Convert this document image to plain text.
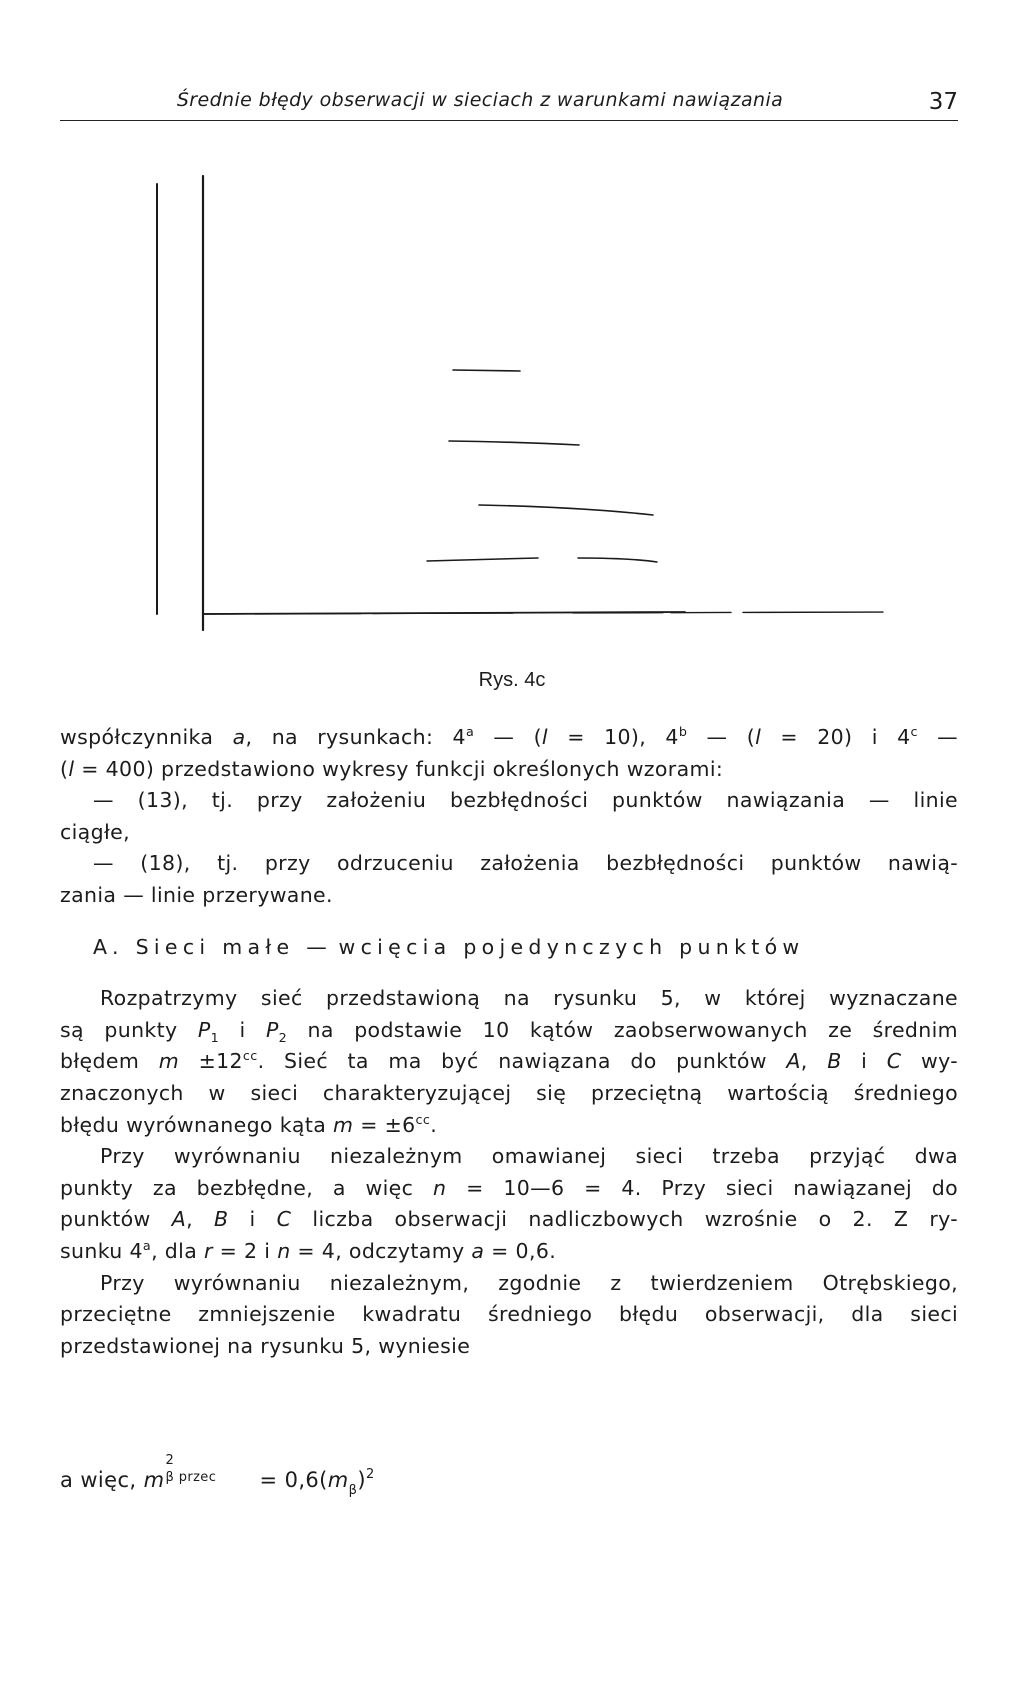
Średnie błędy obserwacji w sieciach z warunkami nawiązania	37
Rys. 4c

współczynnika a, na rysunkach: 4$^a$ — (l = 10), 4$^b$ — (l = 20) i 4$^c$ —

(l = 400) przedstawiono wykresy funkcji określonych wzorami:

— (13), tj. przy założeniu bezbłędności punktów nawiązania — linie

ciągłe,

— (18), tj. przy odrzuceniu założenia bezbłędności punktów nawią-

zania — linie przerywane.

A. Sieci małe — wcięcia pojedynczych punktów

Rozpatrzymy sieć przedstawioną na rysunku 5, w której wyznaczane

są punkty $P_1$ i $P_2$ na podstawie 10 kątów zaobserwowanych ze średnim

błędem $m \pm 12^{cc}$. Sieć ta ma być nawiązana do punktów A, B i C wy-

znaczonych w sieci charakteryzującej się przeciętną wartością średniego

błędu wyrównanego kąta $m = \pm 6^{cc}$.

Przy wyrównaniu niezależnym omawianej sieci trzeba przyjąć dwa

punkty za bezbłędne, a więc n = 10—6 = 4. Przy sieci nawiązanej do

punktów A, B i C liczba obserwacji nadliczbowych wzrośnie o 2. Z ry-

sunku 4$^a$, dla r = 2 i n = 4, odczytamy a = 0,6.

Przy wyrównaniu niezależnym, zgodnie z twierdzeniem Otrębskiego,

przeciętne zmniejszenie kwadratu średniego błędu obserwacji, dla sieci

przedstawionej na rysunku 5, wyniesie

a więc, m
2
β przec = $0,6(m_\beta)^2$
